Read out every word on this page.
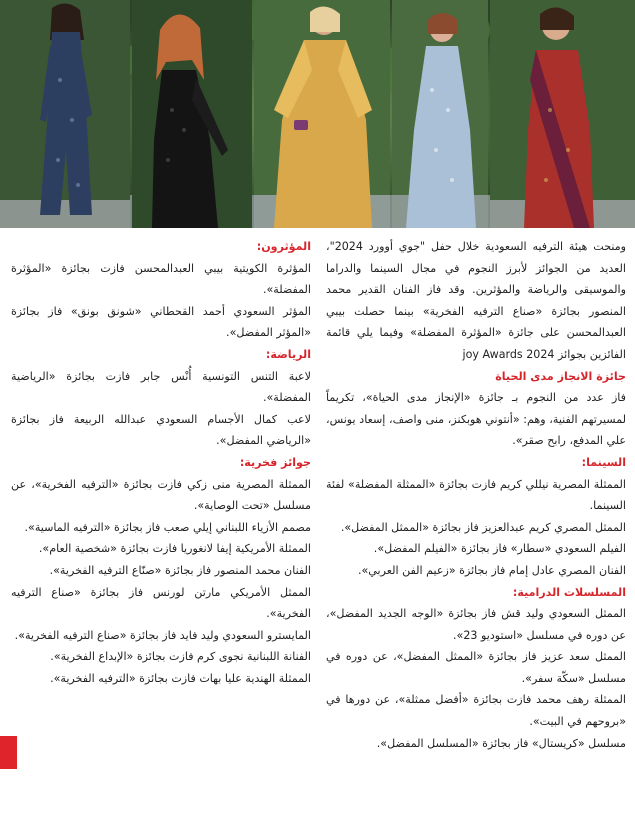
ومنحت هيئة الترفيه السعودية خلال حفل "جوي أوورد 2024"، العديد من الجوائز لأبرز النجوم في مجال السينما والدراما والموسيقى والرياضة والمؤثرين. وقد فاز الفنان القدير محمد المنصور بجائزة «صناع الترفيه الفخرية» بينما حصلت بيبي العبدالمحسن على جائزة «المؤثرة المفضلة» وفيما يلي قائمة الفائزين بجوائز joy Awards 2024

جائزة الانجاز مدى الحياة

فاز عدد من النجوم بـ جائزة «الإنجاز مدى الحياة»، تكريماً لمسيرتهم الفنية، وهم: «أنتوني هوبكنز، منى واصف، إسعاد يونس، علي المدفع، رابح صقر».

السينما:

الممثلة المصرية نيللي كريم فازت بجائزة «الممثلة المفضلة» لفئة السينما.

الممثل المصري كريم عبدالعزيز فاز بجائزة «الممثل المفضل».

الفيلم السعودي «سطار» فاز بجائزة «الفيلم المفضل».

الفنان المصري عادل إمام فاز بجائزة «زعيم الفن العربي».

المسلسلات الدرامية:

الممثل السعودي وليد قش فاز بجائزة «الوجه الجديد المفضل»، عن دوره في مسلسل «استوديو 23».

الممثل سعد عزيز فاز بجائزة «الممثل المفضل»، عن دوره في مسلسل «سكّة سفر».

الممثلة رهف محمد فازت بجائزة «أفضل ممثلة»، عن دورها في «بروحهم في البيت».

مسلسل «كريستال» فاز بجائزة «المسلسل المفضل».

المؤثرون:

المؤثرة الكويتية بيبي العبدالمحسن فازت بجائزة «المؤثرة المفضلة».

المؤثر السعودي أحمد القحطاني «شونق بونق» فاز بجائزة «المؤثر المفضل».

الرياضة:

لاعبة التنس التونسية أُنْس جابر فازت بجائزة «الرياضية المفضلة».

لاعب كمال الأجسام السعودي عبدالله الربيعة فاز بجائزة «الرياضي المفضل».

جوائز فخرية:

الممثلة المصرية منى زكي فازت بجائزة «الترفيه الفخرية»، عن مسلسل «تحت الوصاية».

مصمم الأزياء اللبناني إيلي صعب فاز بجائزة «الترفيه الماسية».

الممثلة الأمريكية إيفا لانغوريا فازت بجائزة «شخصية العام».

الفنان محمد المنصور فاز بجائزة «صنّاع الترفيه الفخرية».

الممثل الأمريكي مارتن لورنس فاز بجائزة «صناع الترفيه الفخرية».

المايسترو السعودي وليد فايد فاز بجائزة «صناع الترفيه الفخرية».

الفنانة اللبنانية نجوى كرم فازت بجائزة «الإبداع الفخرية».

الممثلة الهندية عليا بهات فازت بجائزة «الترفيه الفخرية».
